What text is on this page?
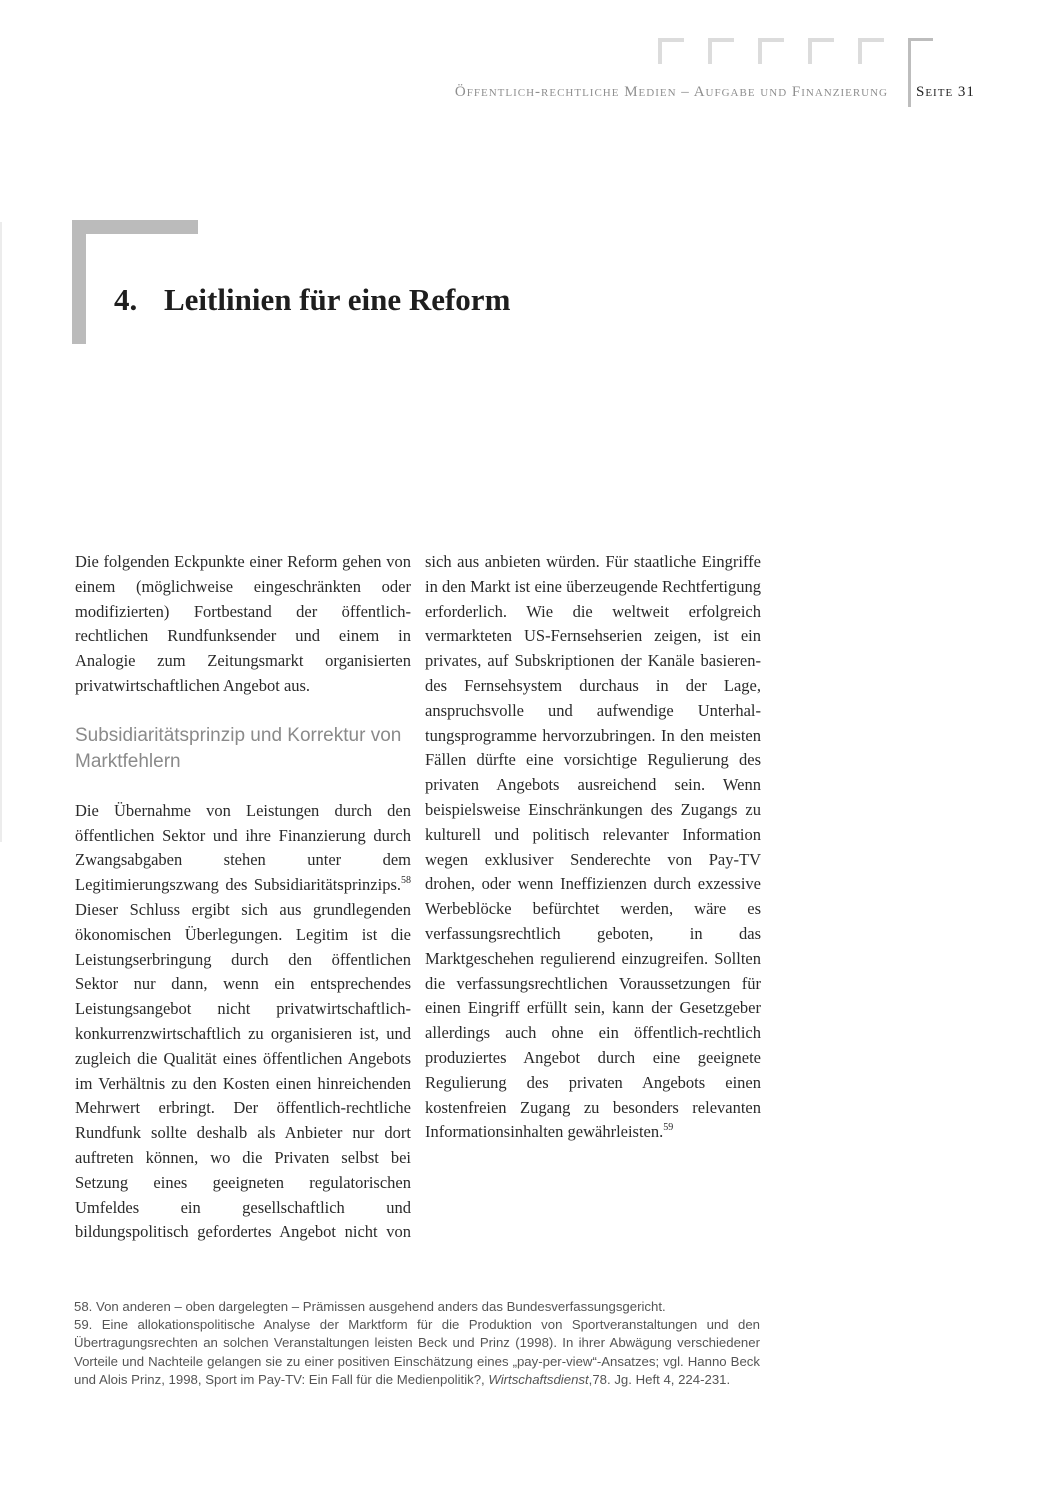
Öffentlich-rechtliche Medien – Aufgabe und Finanzierung Seite 31
4. Leitlinien für eine Reform

Die folgenden Eckpunkte einer Reform gehen von einem (möglichweise eingeschränkten oder modifizierten) Fortbestand der öffentlich-rechtlichen Rundfunksender und einem in Analogie zum Zeitungsmarkt organisierten privatwirtschaftlichen Angebot aus.

Subsidiaritätsprinzip und Korrektur von Marktfehlern

Die Übernahme von Leistungen durch den öffentlichen Sektor und ihre Finanzierung durch Zwangsabgaben stehen unter dem Legitimierungszwang des Subsidiaritätsprinzips.$^{58}$ Dieser Schluss ergibt sich aus grundlegenden ökonomischen Überlegungen. Legitim ist die Leistungserbringung durch den öffentlichen Sektor nur dann, wenn ein entsprechendes Leistungsangebot nicht privatwirtschaftlich-konkurrenzwirtschaftlich zu organisieren ist, und zugleich die Qualität eines öffentlichen Angebots im Verhältnis zu den Kosten einen hinreichenden Mehrwert erbringt. Der öffentlich-rechtliche Rundfunk sollte deshalb als Anbieter nur dort auftreten können, wo die Privaten selbst bei Setzung eines geeigneten regulatorischen Umfeldes ein gesellschaftlich und bildungspolitisch gefordertes Angebot nicht von

sich aus anbieten würden. Für staatliche Eingriffe in den Markt ist eine überzeugende Rechtfertigung erforderlich. Wie die weltweit erfolgreich vermarkteten US-Fernsehserien zeigen, ist ein privates, auf Subskriptionen der Kanäle basierendes Fernsehsystem durchaus in der Lage, anspruchsvolle und aufwendige Unterhaltungsprogramme hervorzubringen. In den meisten Fällen dürfte eine vorsichtige Regulierung des privaten Angebots ausreichend sein. Wenn beispielsweise Einschränkungen des Zugangs zu kulturell und politisch relevanter Information wegen exklusiver Senderechte von Pay-TV drohen, oder wenn Ineffizienzen durch exzessive Werbeblöcke befürchtet werden, wäre es verfassungsrechtlich geboten, in das Marktgeschehen regulierend einzugreifen. Sollten die verfassungsrechtlichen Voraussetzungen für einen Eingriff erfüllt sein, kann der Gesetzgeber allerdings auch ohne ein öffentlich-rechtlich produziertes Angebot durch eine geeignete Regulierung des privaten Angebots einen kostenfreien Zugang zu besonders relevanten Informationsinhalten gewährleisten.$^{59}$

58. Von anderen – oben dargelegten – Prämissen ausgehend anders das Bundesverfassungsgericht.

59. Eine allokationspolitische Analyse der Marktform für die Produktion von Sportveranstaltungen und den Übertragungsrechten an solchen Veranstaltungen leisten Beck und Prinz (1998). In ihrer Abwägung verschiedener Vorteile und Nachteile gelangen sie zu einer positiven Einschätzung eines „pay-per-view“-Ansatzes; vgl. Hanno Beck und Alois Prinz, 1998, Sport im Pay-TV: Ein Fall für die Medienpolitik?, Wirtschaftsdienst,78. Jg. Heft 4, 224-231.
